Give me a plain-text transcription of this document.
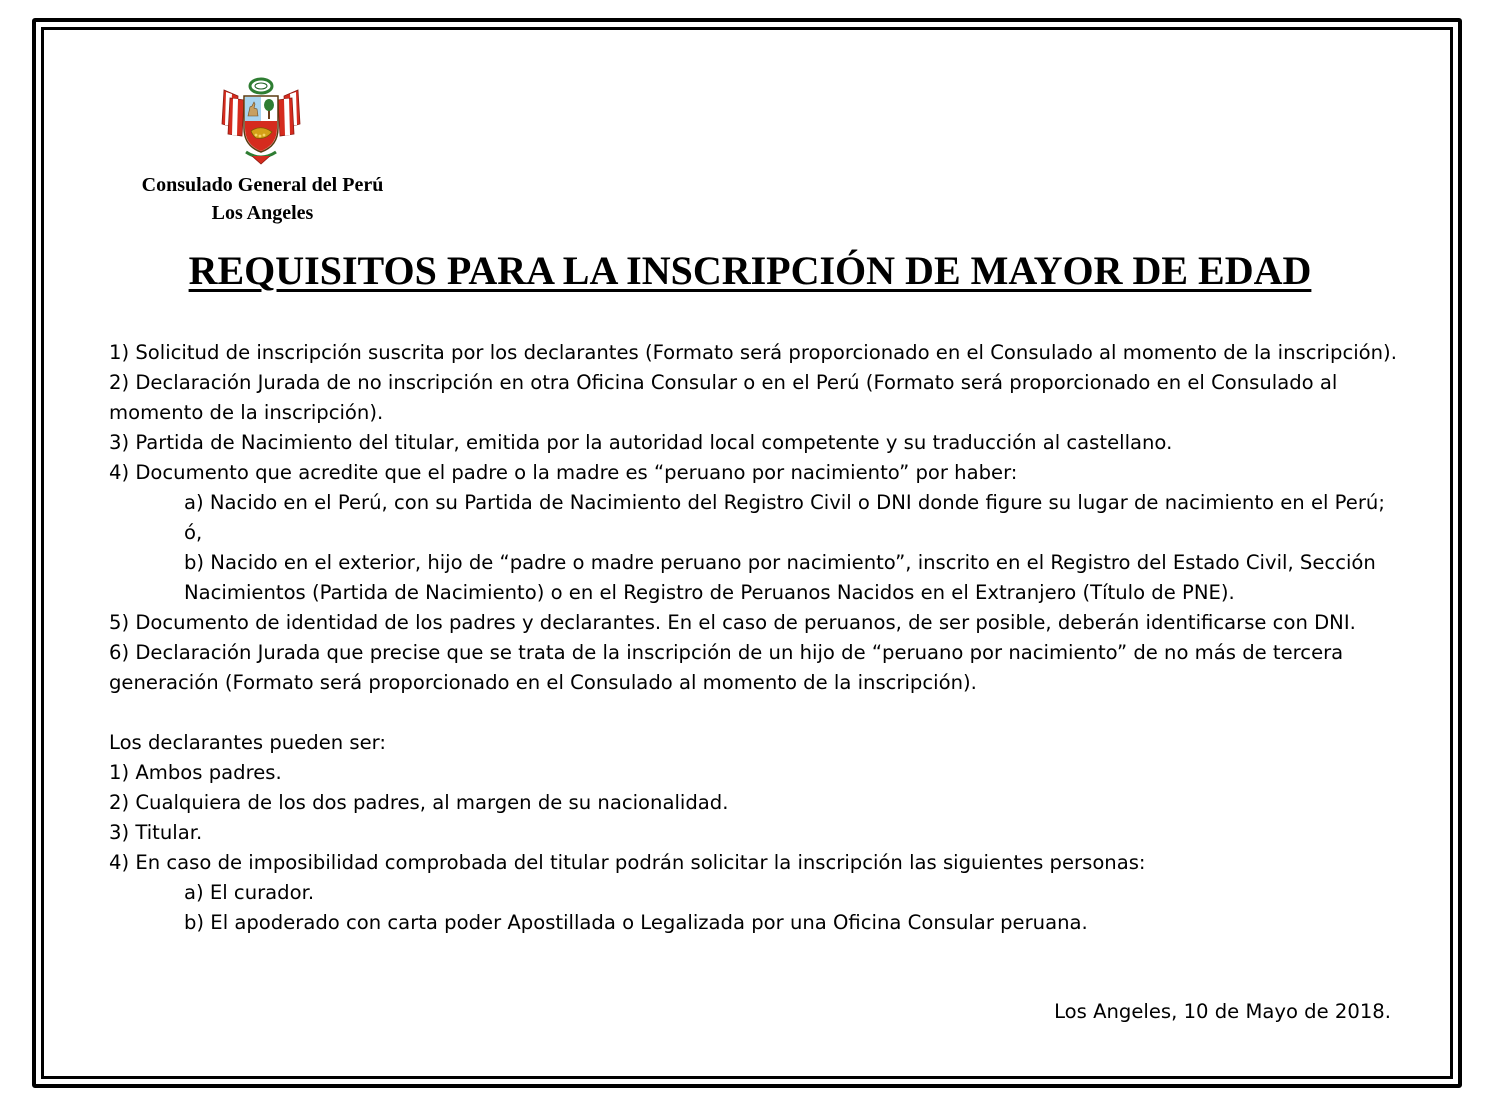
Consulado General del Perú
Los Angeles
REQUISITOS PARA LA INSCRIPCIÓN DE MAYOR DE EDAD

1) Solicitud de inscripción suscrita por los declarantes (Formato será proporcionado en el Consulado al momento de la inscripción).

2) Declaración Jurada de no inscripción en otra Oficina Consular o en el Perú (Formato será proporcionado en el Consulado al momento de la inscripción).

3) Partida de Nacimiento del titular, emitida por la autoridad local competente y su traducción al castellano.

4) Documento que acredite que el padre o la madre es “peruano por nacimiento” por haber:

a) Nacido en el Perú, con su Partida de Nacimiento del Registro Civil o DNI donde figure su lugar de nacimiento en el Perú; ó,

b) Nacido en el exterior, hijo de “padre o madre peruano por nacimiento”, inscrito en el Registro del Estado Civil, Sección Nacimientos (Partida de Nacimiento) o en el Registro de Peruanos Nacidos en el Extranjero (Título de PNE).

5) Documento de identidad de los padres y declarantes. En el caso de peruanos, de ser posible, deberán identificarse con DNI.

6) Declaración Jurada que precise que se trata de la inscripción de un hijo de “peruano por nacimiento” de no más de tercera generación (Formato será proporcionado en el Consulado al momento de la inscripción).

Los declarantes pueden ser:

1) Ambos padres.

2) Cualquiera de los dos padres, al margen de su nacionalidad.

3) Titular.

4) En caso de imposibilidad comprobada del titular podrán solicitar la inscripción las siguientes personas:

a) El curador.

b) El apoderado con carta poder Apostillada o Legalizada por una Oficina Consular peruana.

Los Angeles, 10 de Mayo de 2018.
